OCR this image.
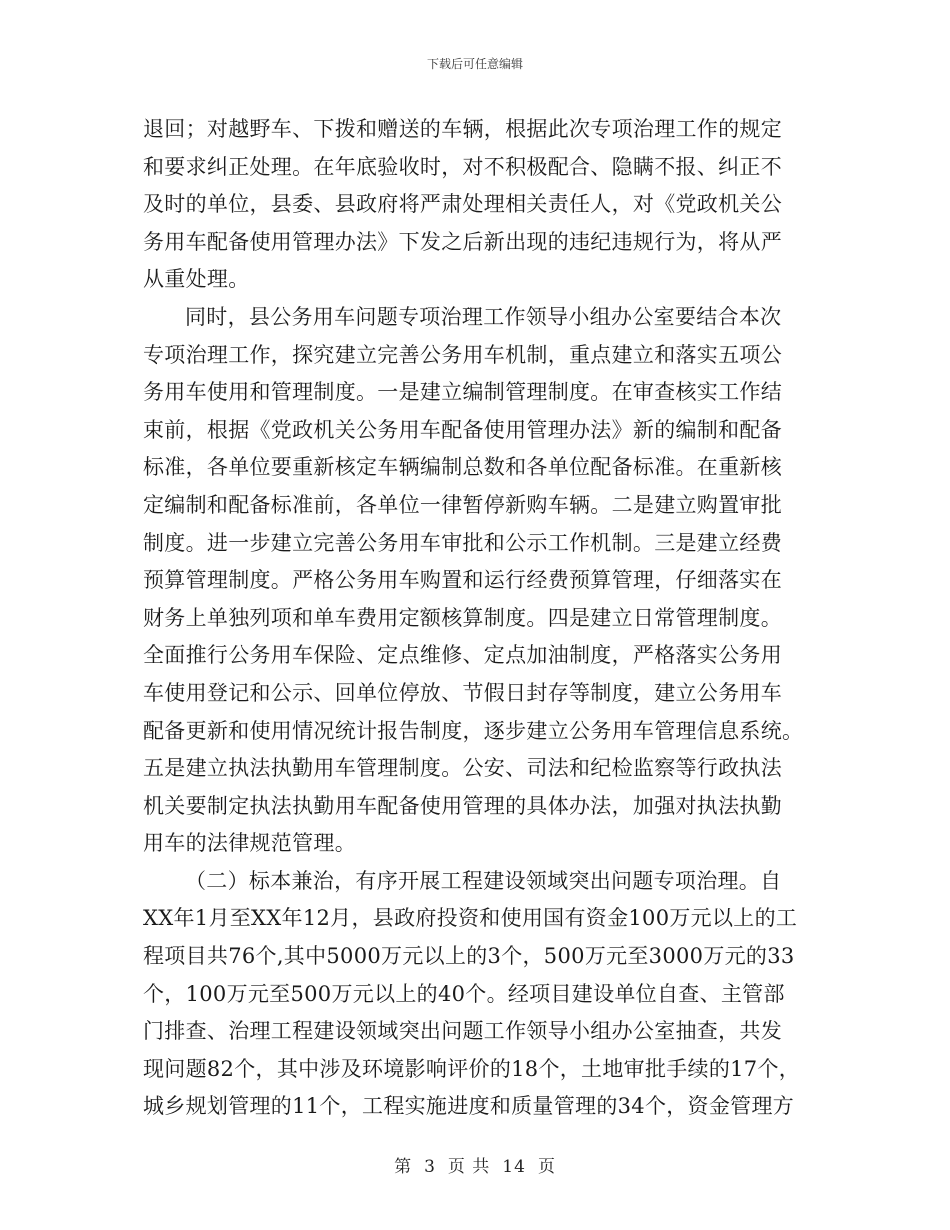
下载后可任意编辑
退回；对越野车、下拨和赠送的车辆，根据此次专项治理工作的规定
和要求纠正处理。在年底验收时，对不积极配合、隐瞒不报、纠正不
及时的单位，县委、县政府将严肃处理相关责任人，对《党政机关公
务用车配备使用管理办法》下发之后新出现的违纪违规行为，将从严
从重处理。
同时，县公务用车问题专项治理工作领导小组办公室要结合本次
专项治理工作，探究建立完善公务用车机制，重点建立和落实五项公
务用车使用和管理制度。一是建立编制管理制度。在审查核实工作结
束前，根据《党政机关公务用车配备使用管理办法》新的编制和配备
标准，各单位要重新核定车辆编制总数和各单位配备标准。在重新核
定编制和配备标准前，各单位一律暂停新购车辆。二是建立购置审批
制度。进一步建立完善公务用车审批和公示工作机制。三是建立经费
预算管理制度。严格公务用车购置和运行经费预算管理，仔细落实在
财务上单独列项和单车费用定额核算制度。四是建立日常管理制度。
全面推行公务用车保险、定点维修、定点加油制度，严格落实公务用
车使用登记和公示、回单位停放、节假日封存等制度，建立公务用车
配备更新和使用情况统计报告制度，逐步建立公务用车管理信息系统。
五是建立执法执勤用车管理制度。公安、司法和纪检监察等行政执法
机关要制定执法执勤用车配备使用管理的具体办法，加强对执法执勤
用车的法律规范管理。
（二）标本兼治，有序开展工程建设领域突出问题专项治理。自
XX年1月至XX年12月，县政府投资和使用国有资金100万元以上的工
程项目共76个,其中5000万元以上的3个，500万元至3000万元的33
个，100万元至500万元以上的40个。经项目建设单位自查、主管部
门排查、治理工程建设领域突出问题工作领导小组办公室抽查，共发
现问题82个，其中涉及环境影响评价的18个，土地审批手续的17个，
城乡规划管理的11个，工程实施进度和质量管理的34个，资金管理方
第 3 页 共 14 页
